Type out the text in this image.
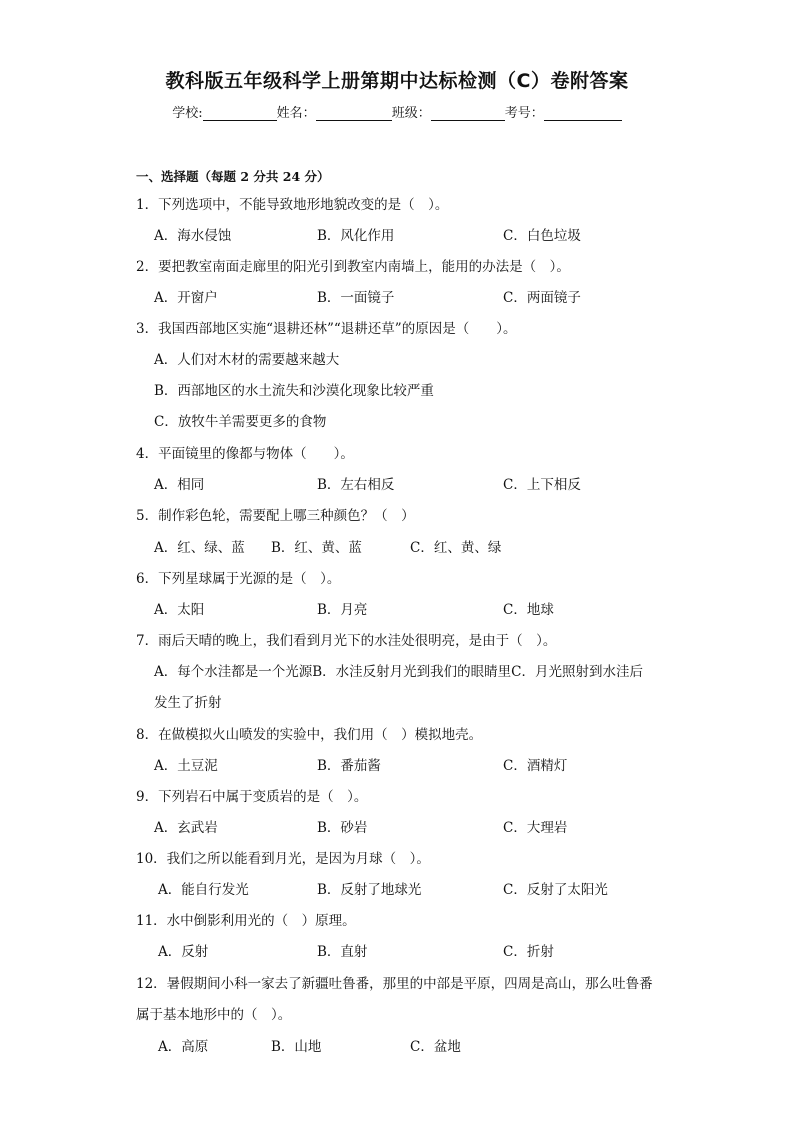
教科版五年级科学上册第期中达标检测（C）卷附答案
学校:	姓名：	班级：	考号：
一、选择题（每题 2 分共 24 分）
1．下列选项中，不能导致地形地貌改变的是（　）。
A．海水侵蚀	B．风化作用	C．白色垃圾
2．要把教室南面走廊里的阳光引到教室内南墙上，能用的办法是（　）。
A．开窗户	B．一面镜子	C．两面镜子
3．我国西部地区实施“退耕还林”“退耕还草”的原因是（　　）。
A．人们对木材的需要越来越大
B．西部地区的水土流失和沙漠化现象比较严重
C．放牧牛羊需要更多的食物
4．平面镜里的像都与物体（　　）。
A．相同	B．左右相反	C．上下相反
5．制作彩色轮，需要配上哪三种颜色？（　）
A．红、绿、蓝 B．红、黄、蓝	C．红、黄、绿
6．下列星球属于光源的是（　）。
A．太阳	B．月亮	C．地球
7．雨后天晴的晚上，我们看到月光下的水洼处很明亮，是由于（　）。
A．每个水洼都是一个光源B．水洼反射月光到我们的眼睛里C．月光照射到水洼后
发生了折射
8．在做模拟火山喷发的实验中，我们用（　）模拟地壳。
A．土豆泥	B．番茄酱	C．酒精灯
9．下列岩石中属于变质岩的是（　）。
A．玄武岩	B．砂岩	C．大理岩
10．我们之所以能看到月光，是因为月球（　）。
A．能自行发光	B．反射了地球光	C．反射了太阳光
11．水中倒影利用光的（　）原理。
A．反射	B．直射	C．折射
12．暑假期间小科一家去了新疆吐鲁番，那里的中部是平原，四周是高山，那么吐鲁番
属于基本地形中的（　）。
A．高原	B．山地	C．盆地
